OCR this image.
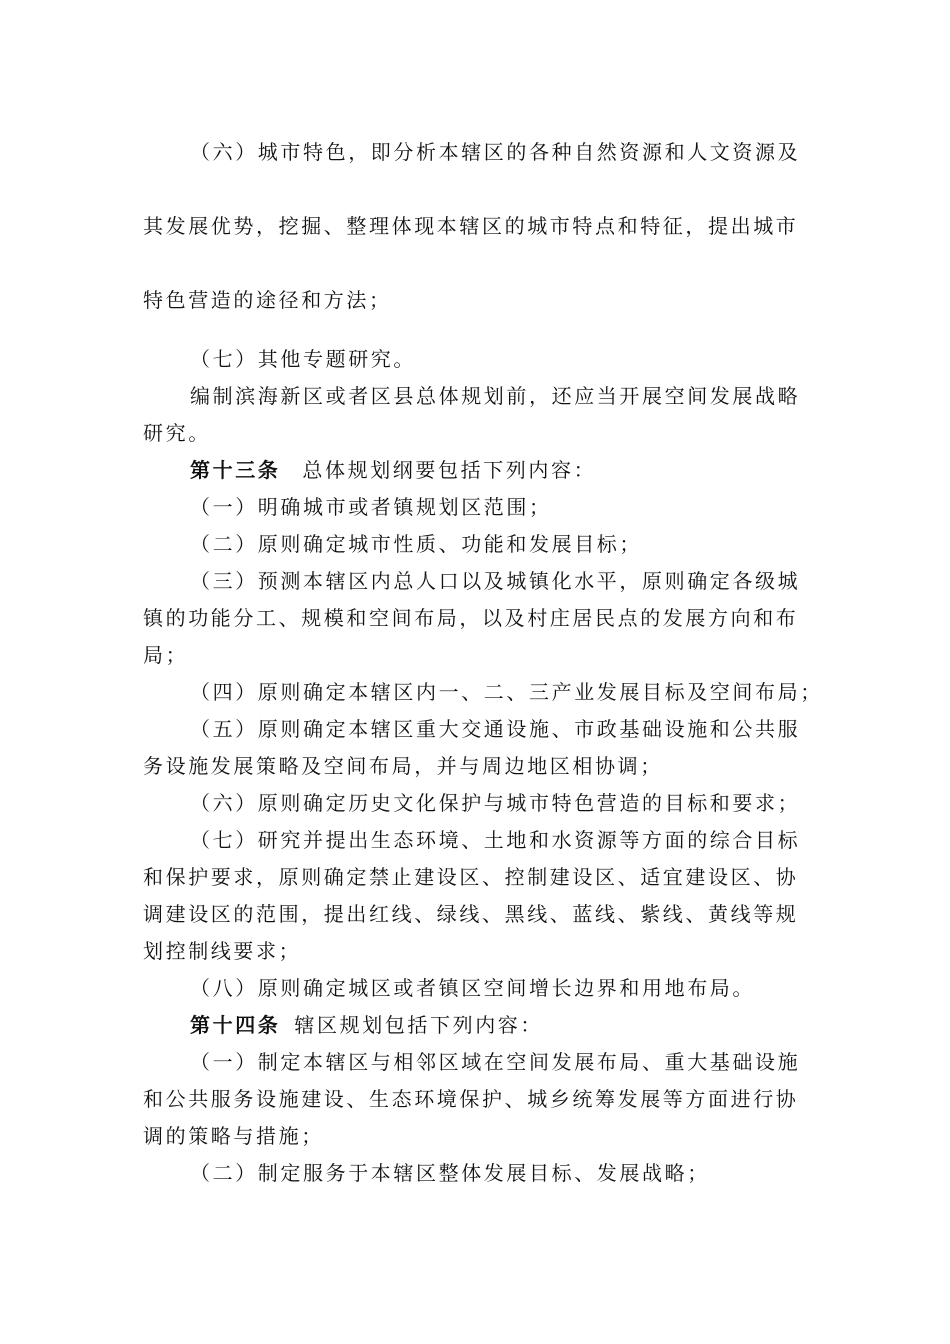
（六）城市特色，即分析本辖区的各种自然资源和人文资源及
其发展优势，挖掘、整理体现本辖区的城市特点和特征，提出城市
特色营造的途径和方法；
（七）其他专题研究。
编制滨海新区或者区县总体规划前，还应当开展空间发展战略
研究。
第十三条 总体规划纲要包括下列内容：
（一）明确城市或者镇规划区范围；
（二）原则确定城市性质、功能和发展目标；
（三）预测本辖区内总人口以及城镇化水平，原则确定各级城
镇的功能分工、规模和空间布局，以及村庄居民点的发展方向和布
局；
（四）原则确定本辖区内一、二、三产业发展目标及空间布局；
（五）原则确定本辖区重大交通设施、市政基础设施和公共服
务设施发展策略及空间布局，并与周边地区相协调；
（六）原则确定历史文化保护与城市特色营造的目标和要求；
（七）研究并提出生态环境、土地和水资源等方面的综合目标
和保护要求，原则确定禁止建设区、控制建设区、适宜建设区、协
调建设区的范围，提出红线、绿线、黑线、蓝线、紫线、黄线等规
划控制线要求；
（八）原则确定城区或者镇区空间增长边界和用地布局。
第十四条 辖区规划包括下列内容：
（一）制定本辖区与相邻区域在空间发展布局、重大基础设施
和公共服务设施建设、生态环境保护、城乡统筹发展等方面进行协
调的策略与措施；
（二）制定服务于本辖区整体发展目标、发展战略；
